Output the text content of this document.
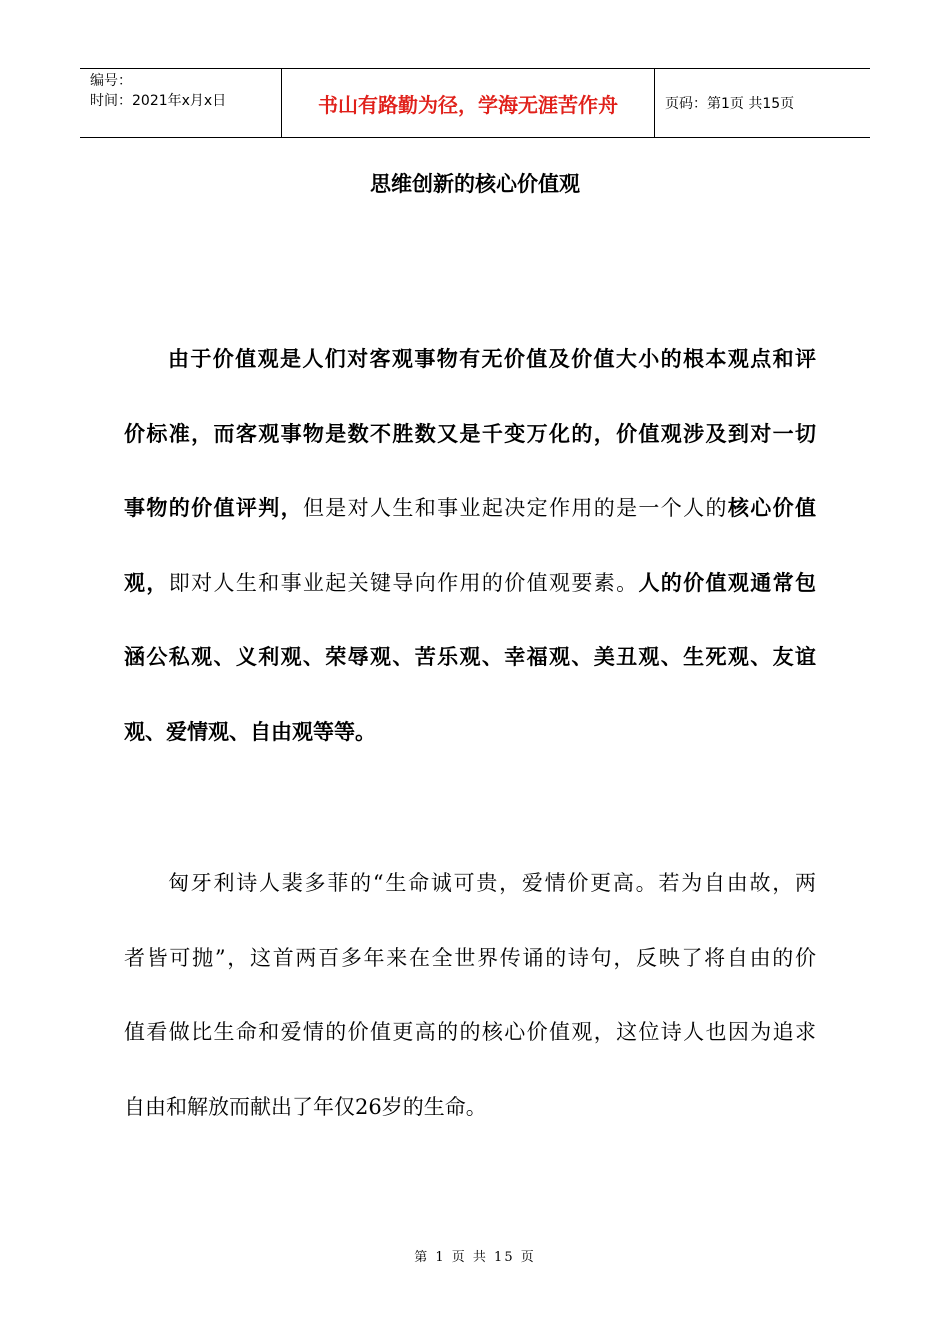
编号：
时间：2021年x月x日	书山有路勤为径，学海无涯苦作舟	页码：第1页 共15页
思维创新的核心价值观
由于价值观是人们对客观事物有无价值及价值大小的根本观点和评
价标准，而客观事物是数不胜数又是千变万化的，价值观涉及到对一切
事物的价值评判，但是对人生和事业起决定作用的是一个人的核心价值
观，即对人生和事业起关键导向作用的价值观要素。人的价值观通常包
涵公私观、义利观、荣辱观、苦乐观、幸福观、美丑观、生死观、友谊
观、爱情观、自由观等等。
匈牙利诗人裴多菲的“生命诚可贵，爱情价更高。若为自由故，两
者皆可抛”，这首两百多年来在全世界传诵的诗句，反映了将自由的价
值看做比生命和爱情的价值更高的的核心价值观，这位诗人也因为追求
自由和解放而献出了年仅26岁的生命。
第 1 页 共 15 页
